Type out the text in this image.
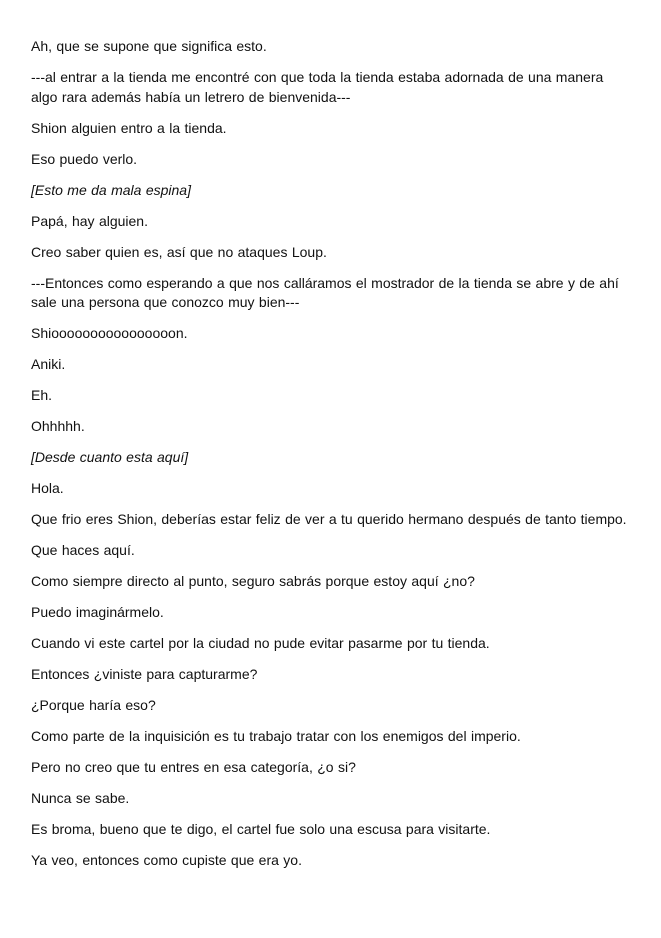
Ah, que se supone que significa esto.

---al entrar a la tienda me encontré con que toda la tienda estaba adornada de una manera algo rara además había un letrero de bienvenida---

Shion alguien entro a la tienda.

Eso puedo verlo.

[Esto me da mala espina]

Papá, hay alguien.

Creo saber quien es, así que no ataques Loup.

---Entonces como esperando a que nos calláramos el mostrador de la tienda se abre y de ahí sale una persona que conozco muy bien---

Shioooooooooooooooon.

Aniki.

Eh.

Ohhhhh.

[Desde cuanto esta aquí]

Hola.

Que frio eres Shion, deberías estar feliz de ver a tu querido hermano después de tanto tiempo.

Que haces aquí.

Como siempre directo al punto, seguro sabrás porque estoy aquí ¿no?

Puedo imaginármelo.

Cuando vi este cartel por la ciudad no pude evitar pasarme por tu tienda.

Entonces ¿viniste para capturarme?

¿Porque haría eso?

Como parte de la inquisición es tu trabajo tratar con los enemigos del imperio.

Pero no creo que tu entres en esa categoría, ¿o si?

Nunca se sabe.

Es broma, bueno que te digo, el cartel fue solo una escusa para visitarte.

Ya veo, entonces como cupiste que era yo.
